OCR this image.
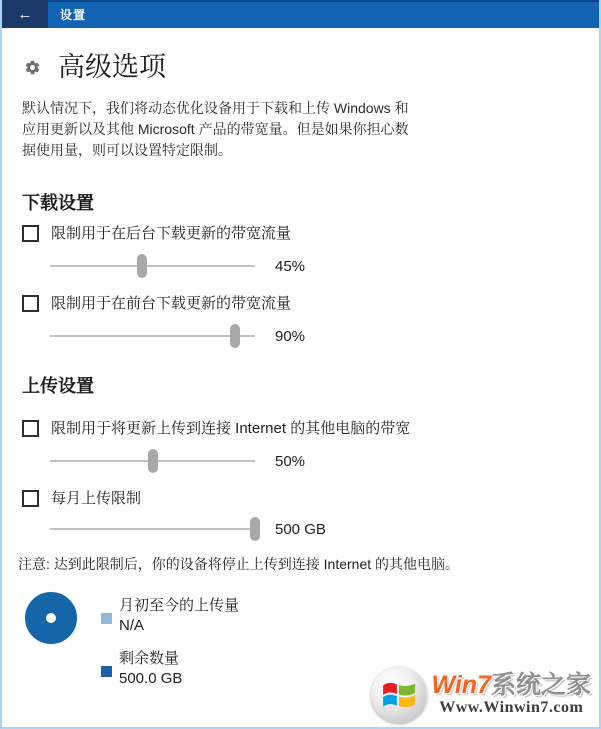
← 设置
高级选项

默认情况下，我们将动态优化设备用于下载和上传 Windows 和应用更新以及其他 Microsoft 产品的带宽量。但是如果你担心数据使用量，则可以设置特定限制。

下载设置
限制用于在后台下载更新的带宽流量
45%
限制用于在前台下载更新的带宽流量
90%
上传设置
限制用于将更新上传到连接 Internet 的其他电脑的带宽
50%
每月上传限制
500 GB

注意: 达到此限制后，你的设备将停止上传到连接 Internet 的其他电脑。

月初至今的上传量
N/A
剩余数量
500.0 GB	Win7系统之家
Www.Winwin7.com
